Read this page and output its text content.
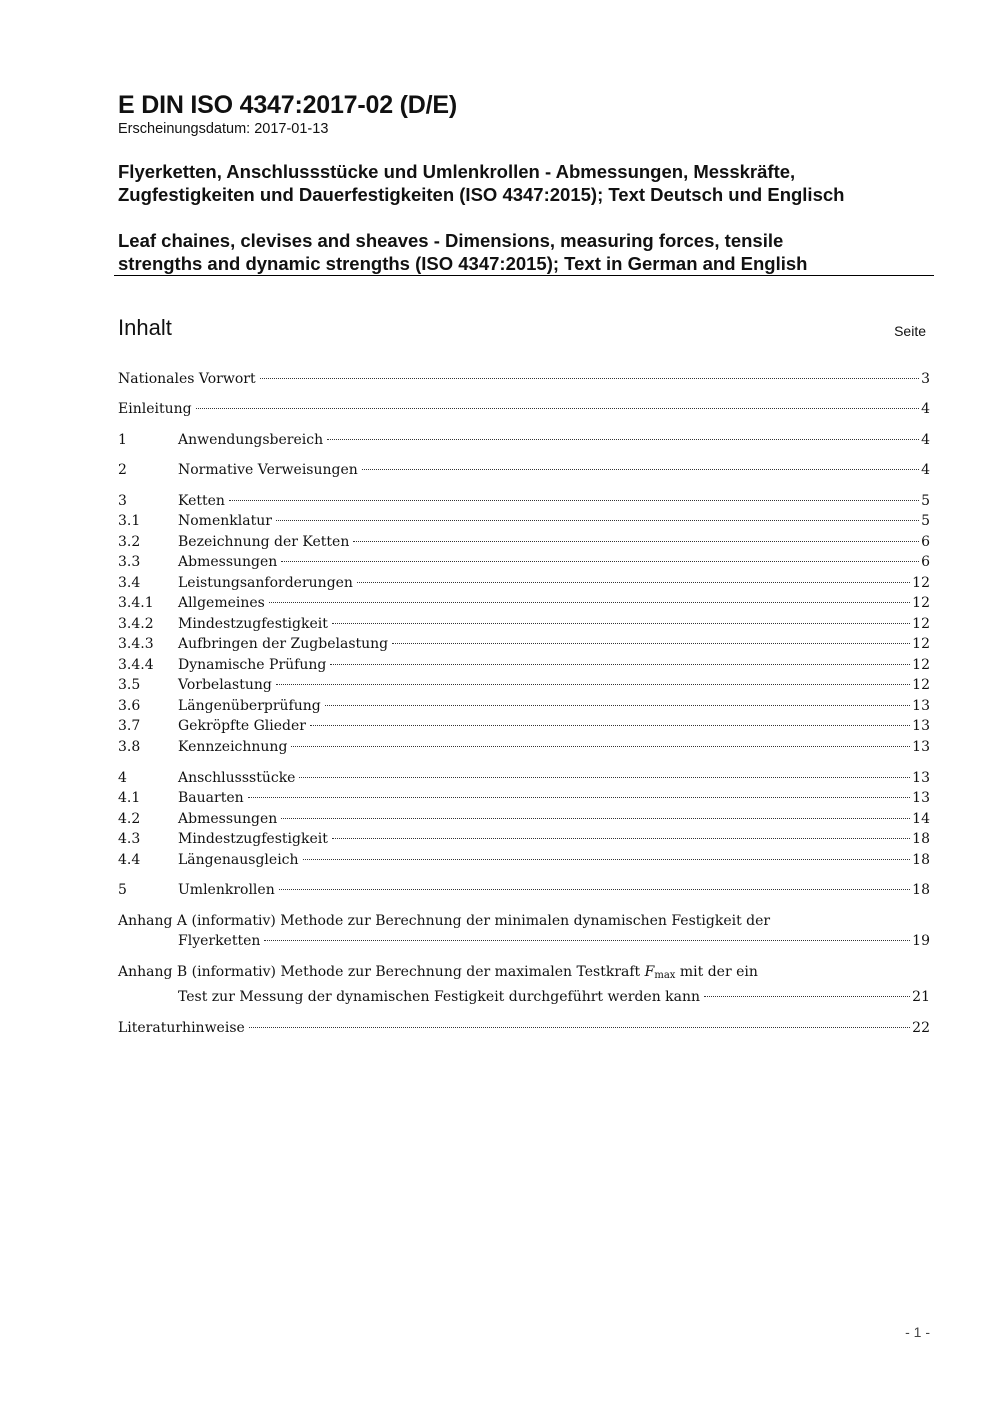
E DIN ISO 4347:2017-02 (D/E)
Erscheinungsdatum: 2017-01-13
Flyerketten, Anschlussstücke und Umlenkrollen - Abmessungen, Messkräfte,
Zugfestigkeiten und Dauerfestigkeiten (ISO 4347:2015); Text Deutsch und Englisch
Leaf chaines, clevises and sheaves - Dimensions, measuring forces, tensile
strengths and dynamic strengths (ISO 4347:2015); Text in German and English
Inhalt	Seite
Nationales Vorwort	3
Einleitung	4
1	Anwendungsbereich	4
2	Normative Verweisungen	4
3	Ketten	5
3.1	Nomenklatur	5
3.2	Bezeichnung der Ketten	6
3.3	Abmessungen	6
3.4	Leistungsanforderungen	12
3.4.1	Allgemeines	12
3.4.2	Mindestzugfestigkeit	12
3.4.3	Aufbringen der Zugbelastung	12
3.4.4	Dynamische Prüfung	12
3.5	Vorbelastung	12
3.6	Längenüberprüfung	13
3.7	Gekröpfte Glieder	13
3.8	Kennzeichnung	13
4	Anschlussstücke	13
4.1	Bauarten	13
4.2	Abmessungen	14
4.3	Mindestzugfestigkeit	18
4.4	Längenausgleich	18
5	Umlenkrollen	18
Anhang A (informativ) Methode zur Berechnung der minimalen dynamischen Festigkeit der
Flyerketten	19
Anhang B (informativ) Methode zur Berechnung der maximalen Testkraft $F_{max}$ mit der ein
Test zur Messung der dynamischen Festigkeit durchgeführt werden kann	21
Literaturhinweise	22
- 1 -
